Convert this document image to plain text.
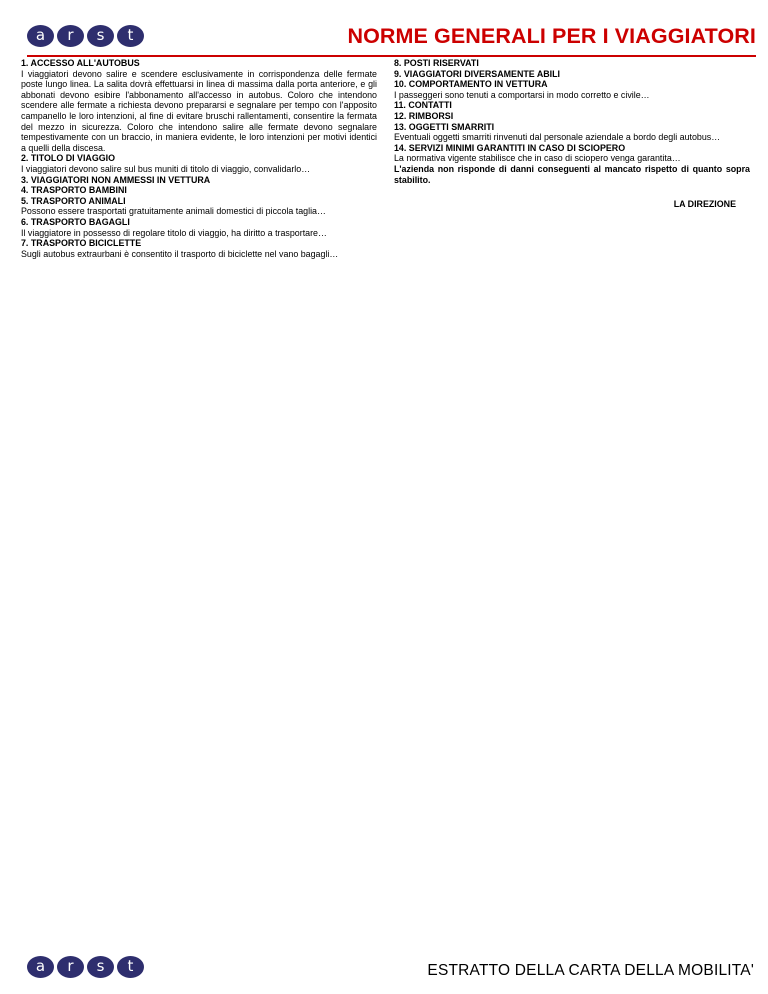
a	r	s	t	NORME GENERALI PER I VIAGGIATORI
1. ACCESSO ALL'AUTOBUS

I viaggiatori devono salire e scendere esclusivamente in corrispondenza delle fermate poste lungo linea. La salita dovrà effettuarsi in linea di massima dalla porta anteriore, e gli abbonati devono esibire l'abbonamento all'accesso in autobus. Coloro che intendono scendere alle fermate a richiesta devono prepararsi e segnalare per tempo con l'apposito campanello le loro intenzioni, al fine di evitare bruschi rallentamenti, consentire la fermata del mezzo in sicurezza. Coloro che intendono salire alle fermate devono segnalare tempestivamente con un braccio, in maniera evidente, le loro intenzioni per motivi identici a quelli della discesa.

2. TITOLO DI VIAGGIO

I viaggiatori devono salire sul bus muniti di titolo di viaggio, convalidarlo…

3. VIAGGIATORI NON AMMESSI IN VETTURA
4. TRASPORTO BAMBINI
5. TRASPORTO ANIMALI

Possono essere trasportati gratuitamente animali domestici di piccola taglia…

6. TRASPORTO BAGAGLI

Il viaggiatore in possesso di regolare titolo di viaggio, ha diritto a trasportare…

7. TRASPORTO BICICLETTE

Sugli autobus extraurbani è consentito il trasporto di biciclette nel vano bagagli…

8. POSTI RISERVATI
9. VIAGGIATORI DIVERSAMENTE ABILI
10. COMPORTAMENTO IN VETTURA

I passeggeri sono tenuti a comportarsi in modo corretto e civile…

11. CONTATTI
12. RIMBORSI
13. OGGETTI SMARRITI

Eventuali oggetti smarriti rinvenuti dal personale aziendale a bordo degli autobus…

14. SERVIZI MINIMI GARANTITI IN CASO DI SCIOPERO

La normativa vigente stabilisce che in caso di sciopero venga garantita…

L'azienda non risponde di danni conseguenti al mancato rispetto di quanto sopra stabilito.

LA DIREZIONE
a	r	s	t	ESTRATTO DELLA CARTA DELLA MOBILITA'
